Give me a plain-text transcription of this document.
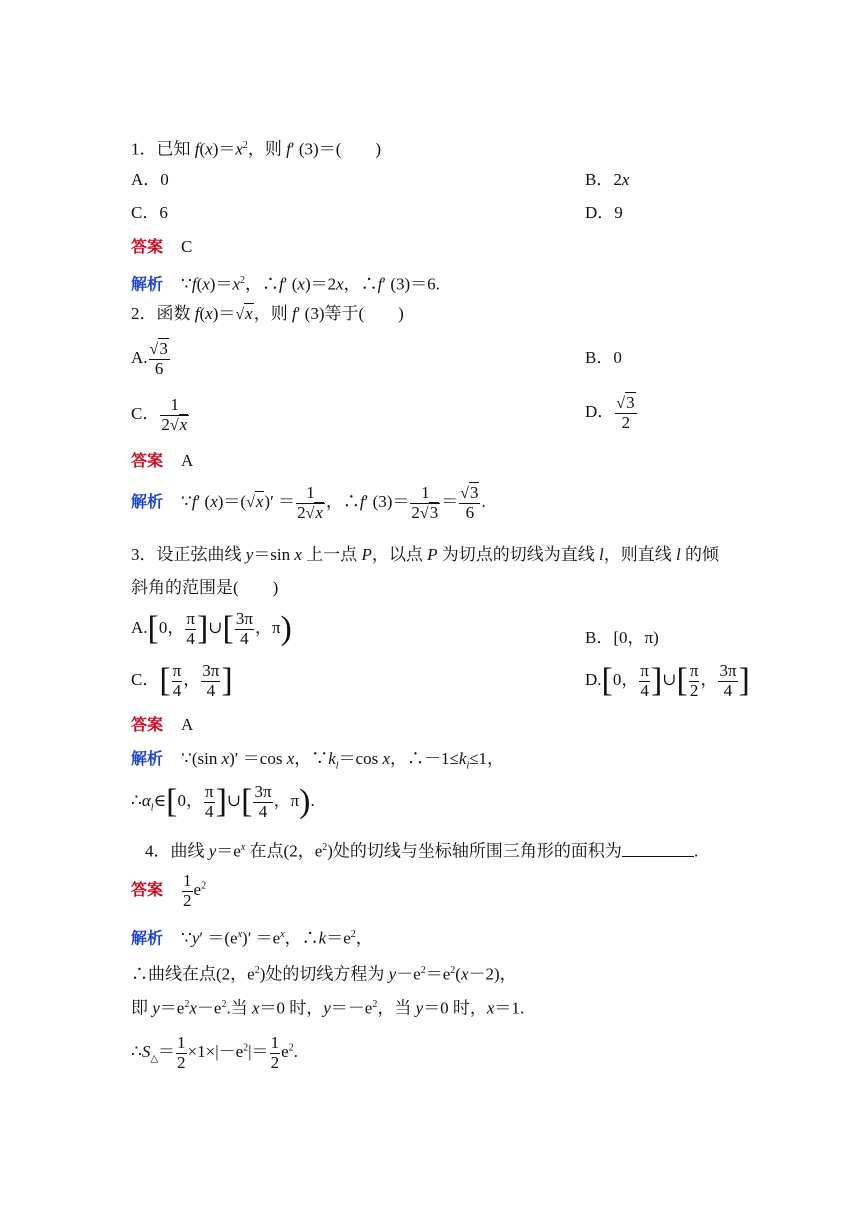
1．已知 $f(x)=x^2$，则 f′ (3)＝(　　)
A．0	B．2x
C．6	D．9
答案 C
解析 $\because f(x)=x^2$，∴f′ (x)＝2x，∴f′ (3)＝6.
2．函数 f(x)＝√x，则 f′ (3)等于(　　)
A. $\frac{√3}{6}$	B．0
C． $\frac{1}{2√x}$	D． $\frac{√3}{2}$
答案 A
解析 ∵f′ $(x)=(√x)' = \frac{1}{2√x}$ ，∴f′ $(3)= \frac{1}{2√3} = \frac{√3}{6}$ .
3．设正弦曲线 y＝sin x 上一点 P，以点 P 为切点的切线为直线 l，则直线 l 的倾
斜角的范围是(　　)
A.[0， $\frac{\pi}{4}$ ]∪[ $\frac{3\pi}{4}$ ，π)	B．[0，π)
C．[ $\frac{\pi}{4}$ ， $\frac{3\pi}{4}$ ]	D.[0， $\frac{\pi}{4}$ ]∪[ $\frac{\pi}{2}$ ， $\frac{3\pi}{4}$ ]
答案 A
解析 ∵(sin x)′ ＝cos x，$\because k_l=\cos$ x，$\therefore-1\le k_l\le 1$，
$\therefore\alpha_l\in[0$， $\frac{\pi}{4}$ ]∪[ $\frac{3\pi}{4}$ ，π).
4．曲线 $y=e^x$ 在点(2，$e^2$)处的切线与坐标轴所围三角形的面积为	.
答案 $\frac{1}{2} e^2$
解析 ∵y′ $=(e^x)' =e^x$，$\therefore k=e^2$，
∴曲线在点(2，$e^2$)处的切线方程为 $y-e^2=e^2(x-2)$，
即 $y=e^2x-e^2$.当 x＝0 时，$y=-e^2$，当 y＝0 时，x＝1.
$\therefore S_\triangle= \frac{1}{2} \times 1\times|-e^2|= \frac{1}{2} e^2$.
